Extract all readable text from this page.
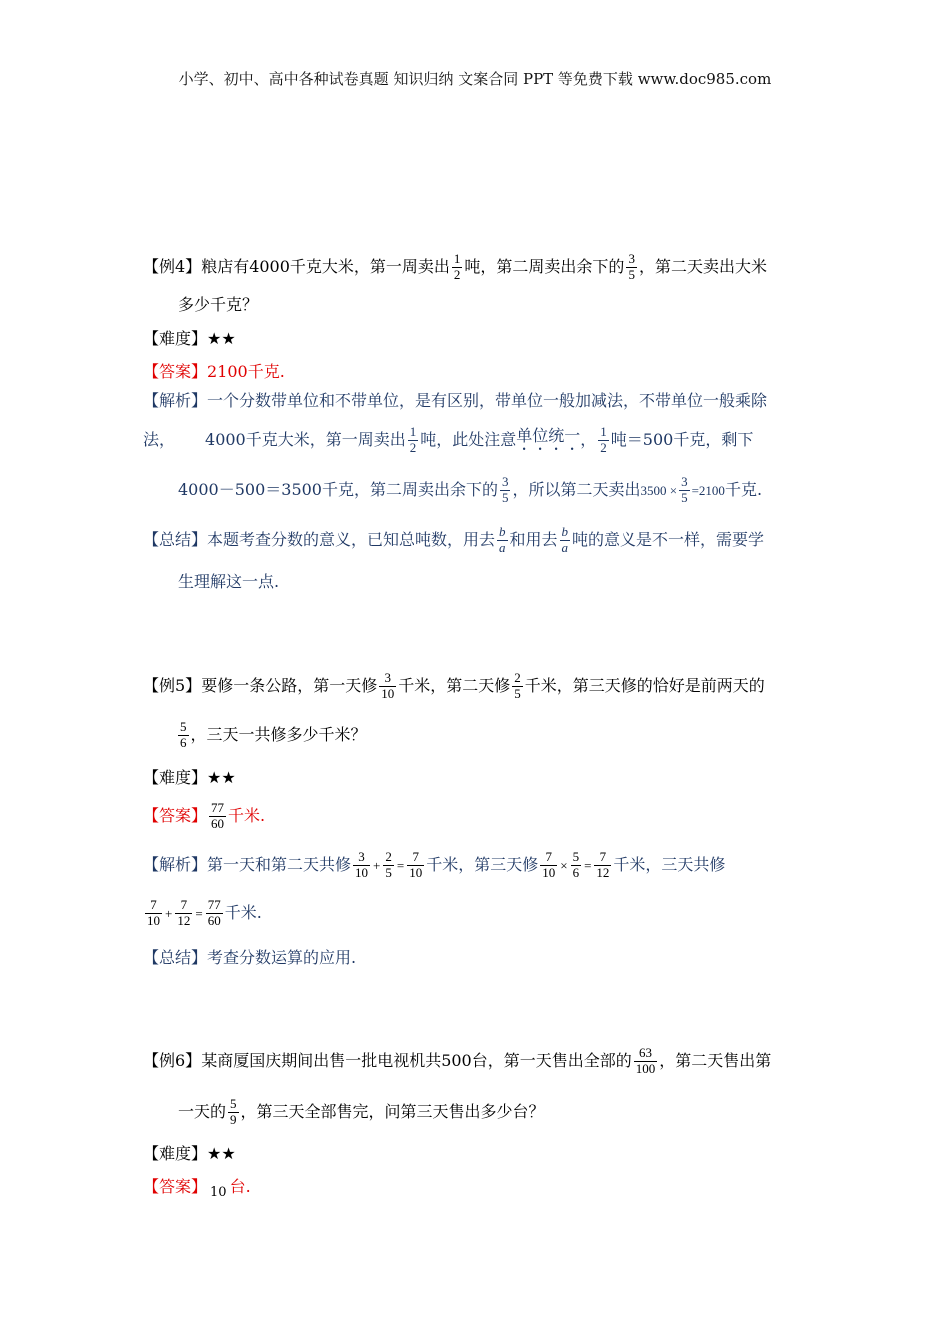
小学、初中、高中各种试卷真题 知识归纳 文案合同 PPT 等免费下载 www.doc985.com
【例4】 粮店有4000千克大米，第一周卖出 $\frac{1}{2}$ 吨，第二周卖出余下的 $\frac{3}{5}$ ，第二天卖出大米
多少千克？
【难度】 ★★
【答案】 2100千克.
【解析】 一个分数带单位和不带单位，是有区别，带单位一般加减法，不带单位一般乘除
法， 4000千克大米，第一周卖出 $\frac{1}{2}$ 吨，此处注意 单位统一 ， $\frac{1}{2}$ 吨＝500千克，剩下
4000－500＝3500千克，第二周卖出余下的 $\frac{3}{5}$ ，所以第二天卖出 $3500 \times \frac{3}{5} =2100$ 千克.
【总结】 本题考查分数的意义，已知总吨数，用去 $\frac{b}{a}$ 和用去 $\frac{b}{a}$ 吨的意义是不一样，需要学
生理解这一点.
【例5】 要修一条公路，第一天修 $\frac{3}{10}$ 千米，第二天修 $\frac{2}{5}$ 千米，第三天修的恰好是前两天的
$\frac{5}{6}$ ，三天一共修多少千米？
【难度】 ★★
【答案】 $\frac{77}{60}$ 千米.
【解析】 第一天和第二天共修 $\frac{3}{10} + \frac{2}{5} = \frac{7}{10}$ 千米，第三天修 $\frac{7}{10} \times \frac{5}{6} = \frac{7}{12}$ 千米，三天共修
$\frac{7}{10} + \frac{7}{12} = \frac{77}{60}$ 千米.
【总结】 考查分数运算的应用.
【例6】 某商厦国庆期间出售一批电视机共500台，第一天售出全部的 $\frac{63}{100}$ ，第二天售出第
一天的 $\frac{5}{9}$ ，第三天全部售完，问第三天售出多少台？
【难度】 ★★
【答案】 10 台.
